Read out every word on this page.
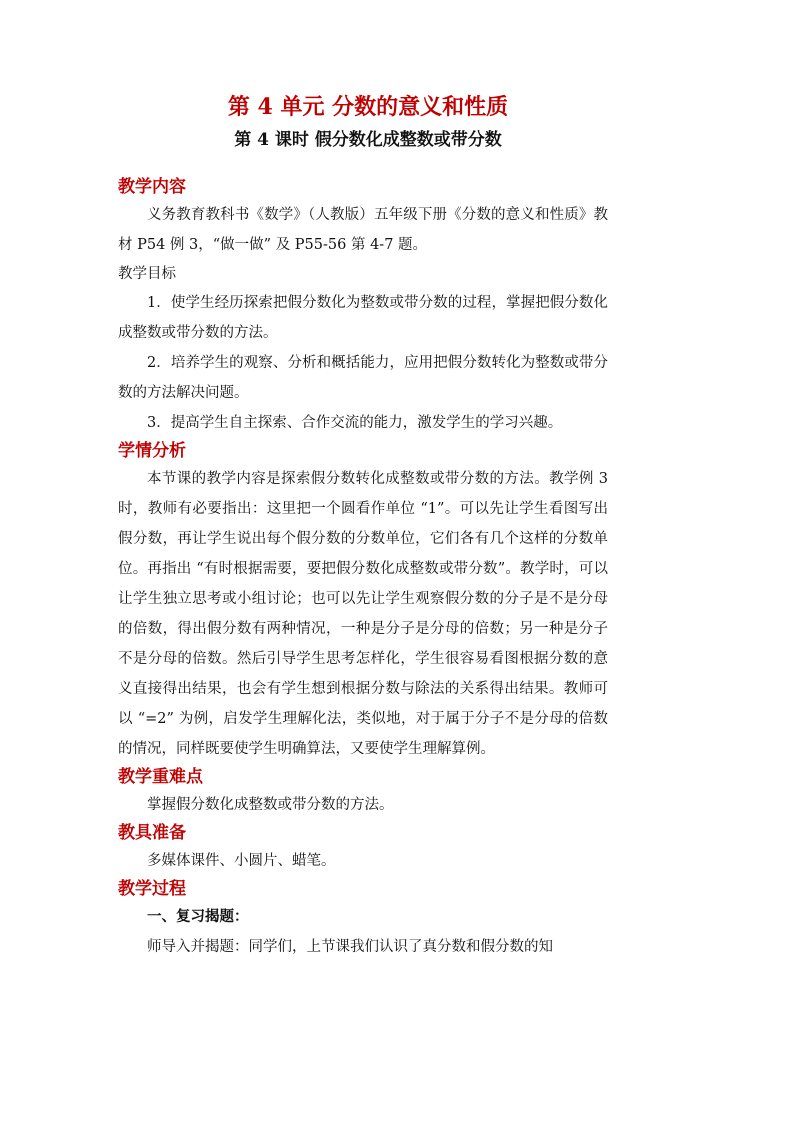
第 4 单元 分数的意义和性质
第 4 课时 假分数化成整数或带分数
教学内容

义务教育教科书《数学》（人教版）五年级下册《分数的意义和性质》教材 P54 例 3，“做一做” 及 P55-56 第 4-7 题。

教学目标

1．使学生经历探索把假分数化为整数或带分数的过程，掌握把假分数化成整数或带分数的方法。

2．培养学生的观察、分析和概括能力，应用把假分数转化为整数或带分数的方法解决问题。

3．提高学生自主探索、合作交流的能力，激发学生的学习兴趣。

学情分析

本节课的教学内容是探索假分数转化成整数或带分数的方法。教学例 3 时，教师有必要指出：这里把一个圆看作单位 “1”。可以先让学生看图写出假分数，再让学生说出每个假分数的分数单位，它们各有几个这样的分数单位。再指出 “有时根据需要，要把假分数化成整数或带分数”。教学时，可以让学生独立思考或小组讨论；也可以先让学生观察假分数的分子是不是分母的倍数，得出假分数有两种情况，一种是分子是分母的倍数；另一种是分子不是分母的倍数。然后引导学生思考怎样化，学生很容易看图根据分数的意义直接得出结果，也会有学生想到根据分数与除法的关系得出结果。教师可以 “=2” 为例，启发学生理解化法，类似地，对于属于分子不是分母的倍数的情况，同样既要使学生明确算法，又要使学生理解算例。

教学重难点

掌握假分数化成整数或带分数的方法。

教具准备

多媒体课件、小圆片、蜡笔。

教学过程

一、复习揭题：

师导入并揭题：同学们，上节课我们认识了真分数和假分数的知
